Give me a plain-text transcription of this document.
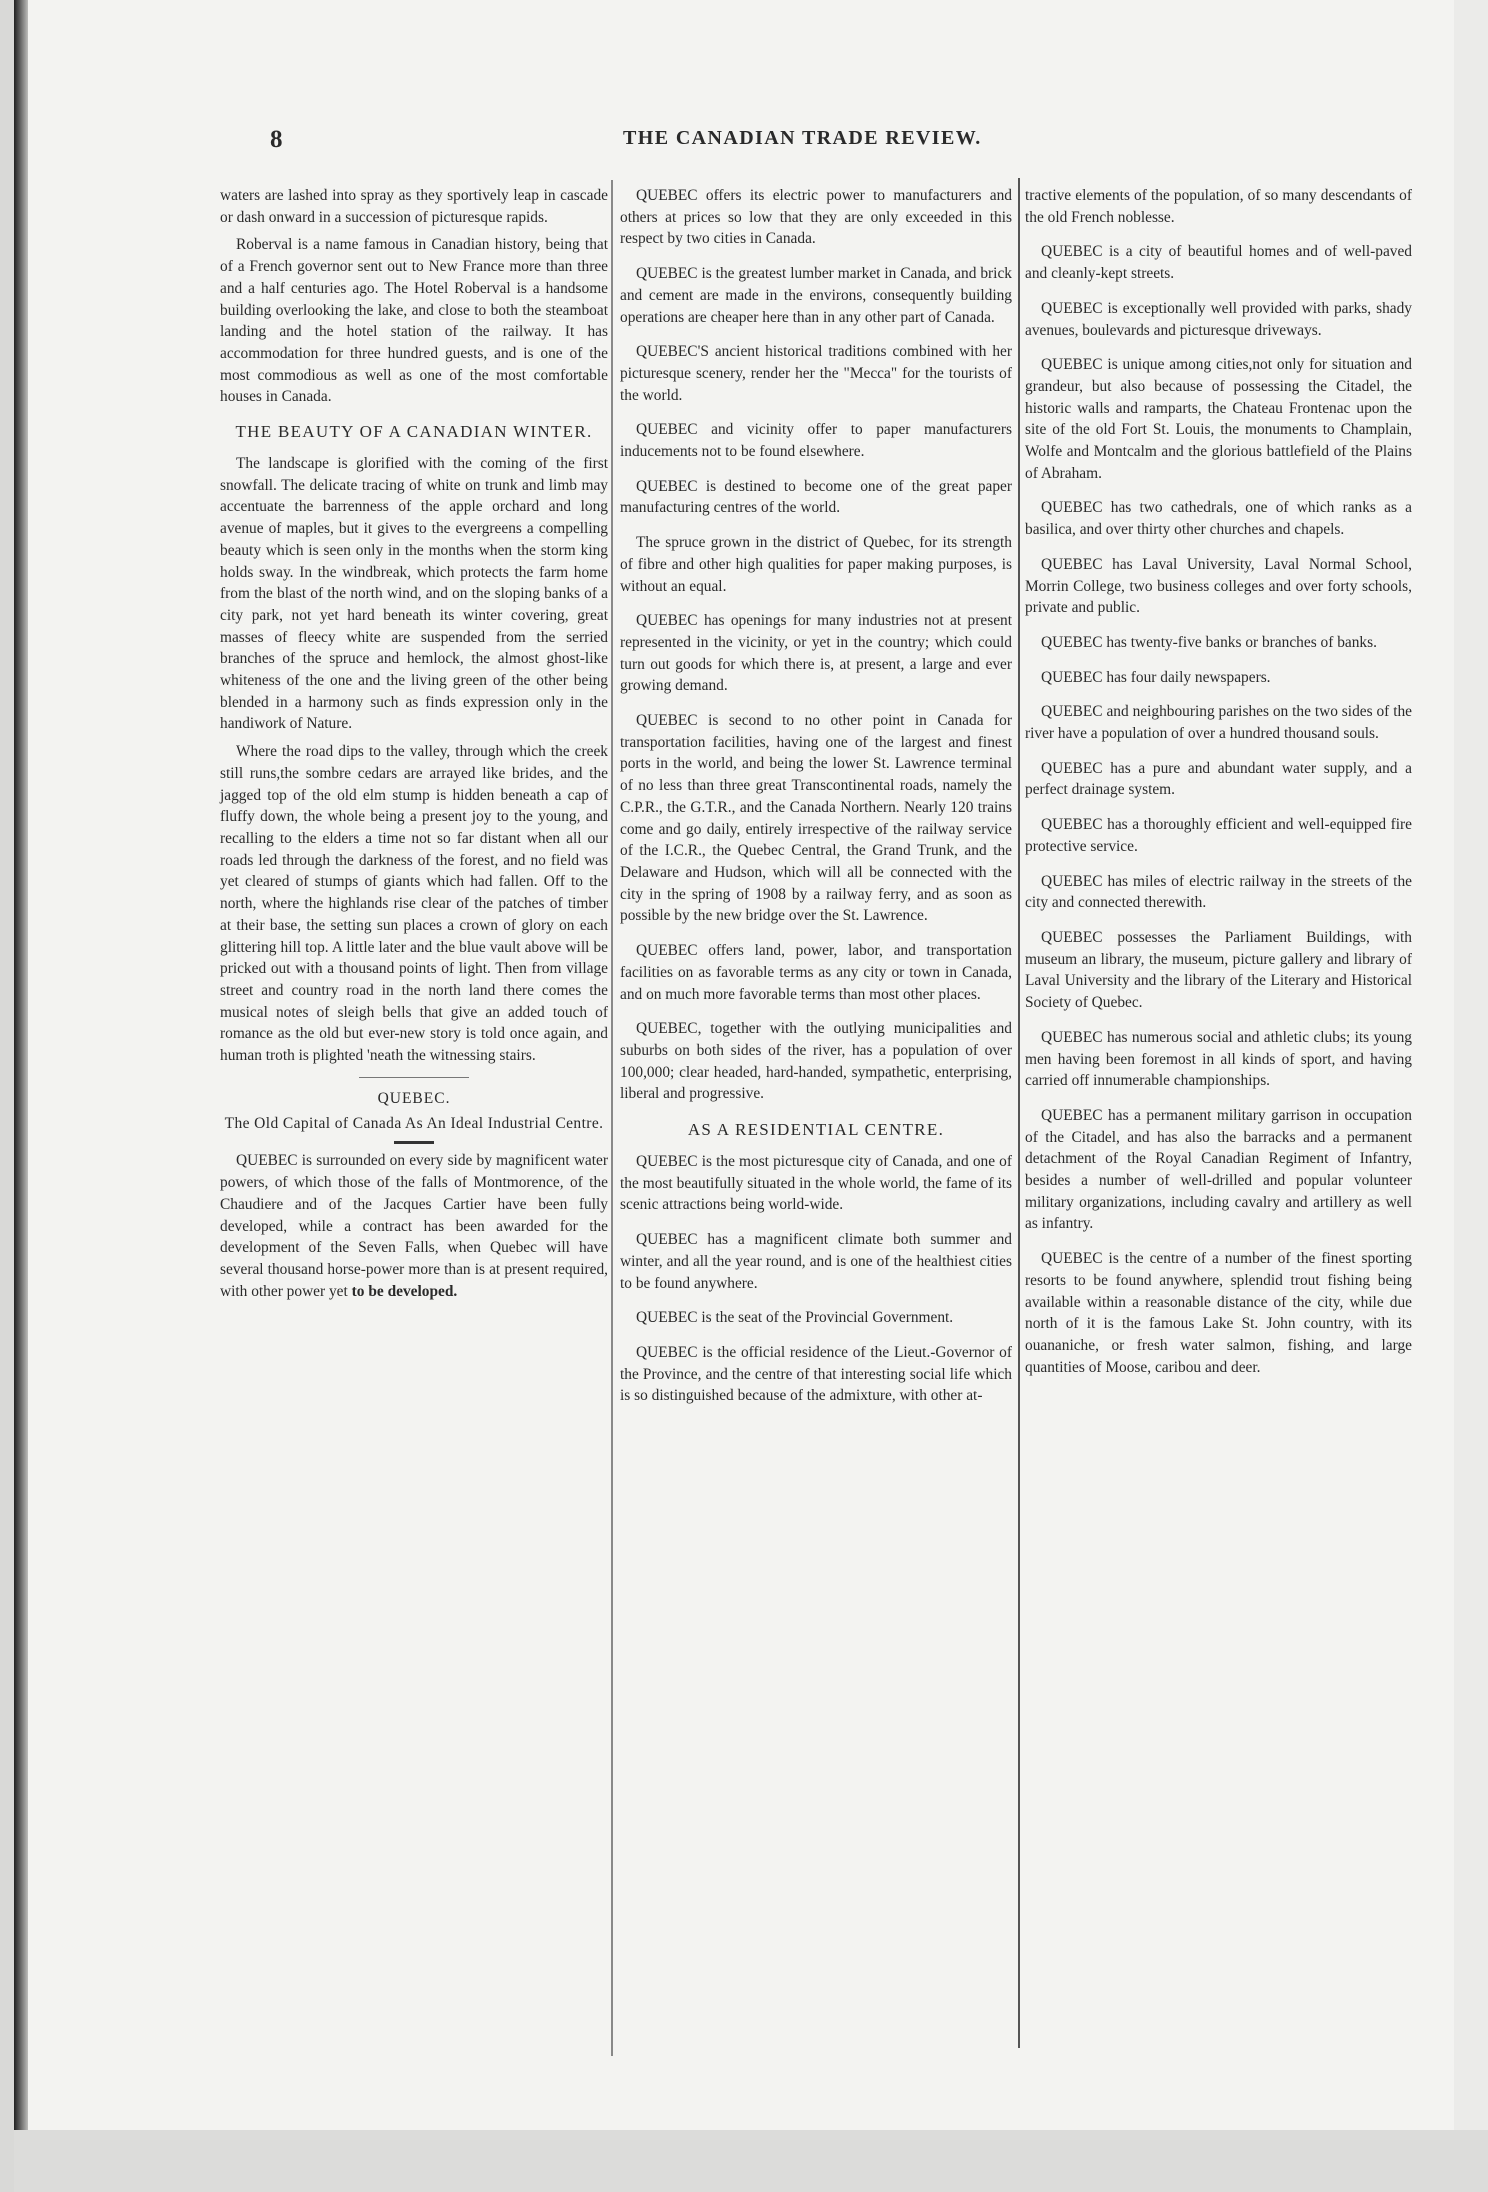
8	THE CANADIAN TRADE REVIEW.

waters are lashed into spray as they sportively leap in cascade or dash onward in a succession of picturesque rapids.

Roberval is a name famous in Canadian history, being that of a French governor sent out to New France more than three and a half centuries ago. The Hotel Roberval is a handsome building overlooking the lake, and close to both the steamboat landing and the hotel station of the railway. It has accommodation for three hundred guests, and is one of the most commodious as well as one of the most comfortable houses in Canada.

THE BEAUTY OF A CANADIAN WINTER.

The landscape is glorified with the coming of the first snowfall. The delicate tracing of white on trunk and limb may accentuate the barrenness of the apple orchard and long avenue of maples, but it gives to the evergreens a compelling beauty which is seen only in the months when the storm king holds sway. In the windbreak, which protects the farm home from the blast of the north wind, and on the sloping banks of a city park, not yet hard beneath its winter covering, great masses of fleecy white are suspended from the serried branches of the spruce and hemlock, the almost ghost-like whiteness of the one and the living green of the other being blended in a harmony such as finds expression only in the handiwork of Nature.

Where the road dips to the valley, through which the creek still runs,the sombre cedars are arrayed like brides, and the jagged top of the old elm stump is hidden beneath a cap of fluffy down, the whole being a present joy to the young, and recalling to the elders a time not so far distant when all our roads led through the darkness of the forest, and no field was yet cleared of stumps of giants which had fallen. Off to the north, where the highlands rise clear of the patches of timber at their base, the setting sun places a crown of glory on each glittering hill top. A little later and the blue vault above will be pricked out with a thousand points of light. Then from village street and country road in the north land there comes the musical notes of sleigh bells that give an added touch of romance as the old but ever-new story is told once again, and human troth is plighted 'neath the witnessing stairs.

QUEBEC.
The Old Capital of Canada As An Ideal Industrial Centre.

QUEBEC is surrounded on every side by magnificent water powers, of which those of the falls of Montmorence, of the Chaudiere and of the Jacques Cartier have been fully developed, while a contract has been awarded for the development of the Seven Falls, when Quebec will have several thousand horse-power more than is at present required, with other power yet to be developed.

QUEBEC offers its electric power to manufacturers and others at prices so low that they are only exceeded in this respect by two cities in Canada.

QUEBEC is the greatest lumber market in Canada, and brick and cement are made in the environs, consequently building operations are cheaper here than in any other part of Canada.

QUEBEC'S ancient historical traditions combined with her picturesque scenery, render her the "Mecca" for the tourists of the world.

QUEBEC and vicinity offer to paper manufacturers inducements not to be found elsewhere.

QUEBEC is destined to become one of the great paper manufacturing centres of the world.

The spruce grown in the district of Quebec, for its strength of fibre and other high qualities for paper making purposes, is without an equal.

QUEBEC has openings for many industries not at present represented in the vicinity, or yet in the country; which could turn out goods for which there is, at present, a large and ever growing demand.

QUEBEC is second to no other point in Canada for transportation facilities, having one of the largest and finest ports in the world, and being the lower St. Lawrence terminal of no less than three great Transcontinental roads, namely the C.P.R., the G.T.R., and the Canada Northern. Nearly 120 trains come and go daily, entirely irrespective of the railway service of the I.C.R., the Quebec Central, the Grand Trunk, and the Delaware and Hudson, which will all be connected with the city in the spring of 1908 by a railway ferry, and as soon as possible by the new bridge over the St. Lawrence.

QUEBEC offers land, power, labor, and transportation facilities on as favorable terms as any city or town in Canada, and on much more favorable terms than most other places.

QUEBEC, together with the outlying municipalities and suburbs on both sides of the river, has a population of over 100,000; clear headed, hard-handed, sympathetic, enterprising, liberal and progressive.

AS A RESIDENTIAL CENTRE.

QUEBEC is the most picturesque city of Canada, and one of the most beautifully situated in the whole world, the fame of its scenic attractions being world-wide.

QUEBEC has a magnificent climate both summer and winter, and all the year round, and is one of the healthiest cities to be found anywhere.

QUEBEC is the seat of the Provincial Government.

QUEBEC is the official residence of the Lieut.-Governor of the Province, and the centre of that interesting social life which is so distinguished because of the admixture, with other at-

tractive elements of the population, of so many descendants of the old French noblesse.

QUEBEC is a city of beautiful homes and of well-paved and cleanly-kept streets.

QUEBEC is exceptionally well provided with parks, shady avenues, boulevards and picturesque driveways.

QUEBEC is unique among cities,not only for situation and grandeur, but also because of possessing the Citadel, the historic walls and ramparts, the Chateau Frontenac upon the site of the old Fort St. Louis, the monuments to Champlain, Wolfe and Montcalm and the glorious battlefield of the Plains of Abraham.

QUEBEC has two cathedrals, one of which ranks as a basilica, and over thirty other churches and chapels.

QUEBEC has Laval University, Laval Normal School, Morrin College, two business colleges and over forty schools, private and public.

QUEBEC has twenty-five banks or branches of banks.

QUEBEC has four daily newspapers.

QUEBEC and neighbouring parishes on the two sides of the river have a population of over a hundred thousand souls.

QUEBEC has a pure and abundant water supply, and a perfect drainage system.

QUEBEC has a thoroughly efficient and well-equipped fire protective service.

QUEBEC has miles of electric railway in the streets of the city and connected therewith.

QUEBEC possesses the Parliament Buildings, with museum an library, the museum, picture gallery and library of Laval University and the library of the Literary and Historical Society of Quebec.

QUEBEC has numerous social and athletic clubs; its young men having been foremost in all kinds of sport, and having carried off innumerable championships.

QUEBEC has a permanent military garrison in occupation of the Citadel, and has also the barracks and a permanent detachment of the Royal Canadian Regiment of Infantry, besides a number of well-drilled and popular volunteer military organizations, including cavalry and artillery as well as infantry.

QUEBEC is the centre of a number of the finest sporting resorts to be found anywhere, splendid trout fishing being available within a reasonable distance of the city, while due north of it is the famous Lake St. John country, with its ouananiche, or fresh water salmon, fishing, and large quantities of Moose, caribou and deer.
